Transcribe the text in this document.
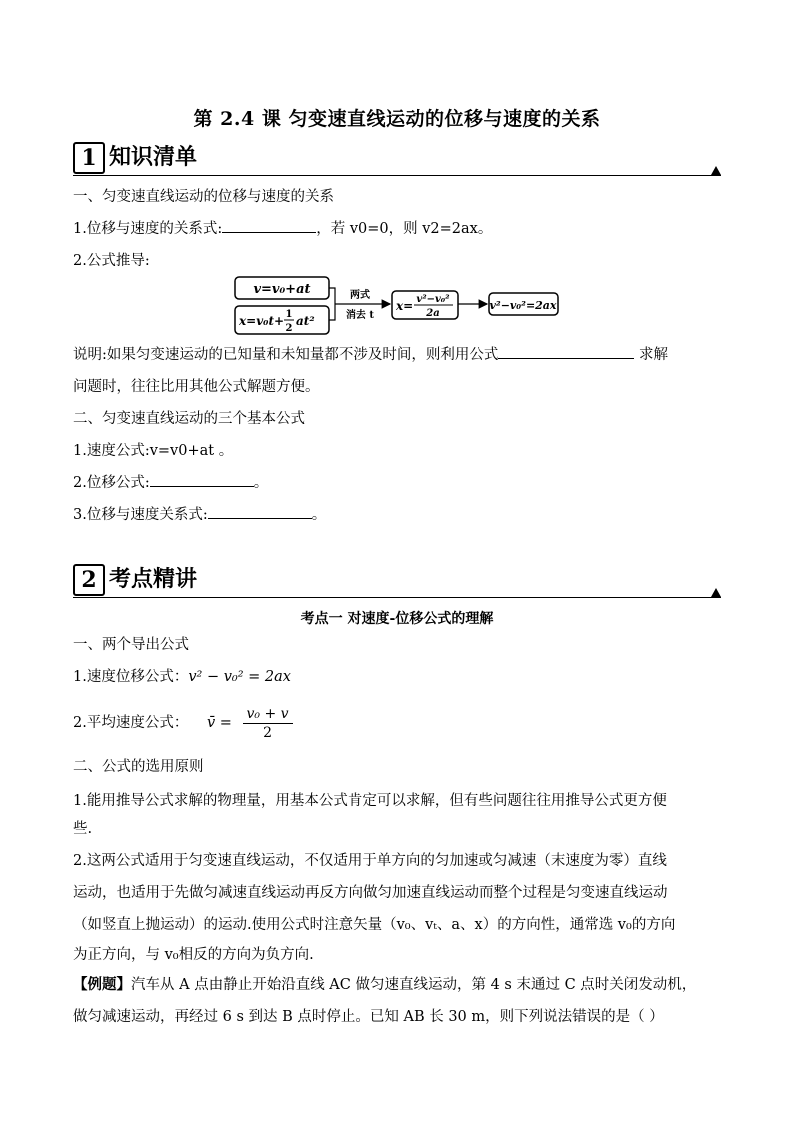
第 2.4 课 匀变速直线运动的位移与速度的关系
1 知识清单
一、匀变速直线运动的位移与速度的关系
1.位移与速度的关系式:	，若 v0=0，则 v2=2ax。
2.公式推导:
v=v₀+at
x=v₀t+ 1
2
at²
两式
消去 t
x= v²−v₀²
2a
v²−v₀²=2ax
说明:如果匀变速运动的已知量和未知量都不涉及时间，则利用公式	求解
问题时，往往比用其他公式解题方便。
二、匀变速直线运动的三个基本公式
1.速度公式:v=v0+at 。
2.位移公式:	。
3.位移与速度关系式:	。
2 考点精讲
考点一 对速度-位移公式的理解
一、两个导出公式
1.速度位移公式：v² − v₀² = 2ax
2.平均速度公式： v̄ = $\frac{\text{v₀ + v}}{2}$
二、公式的选用原则
1.能用推导公式求解的物理量，用基本公式肯定可以求解，但有些问题往往用推导公式更方便
些.
2.这两公式适用于匀变速直线运动，不仅适用于单方向的匀加速或匀减速（末速度为零）直线
运动，也适用于先做匀减速直线运动再反方向做匀加速直线运动而整个过程是匀变速直线运动
（如竖直上抛运动）的运动.使用公式时注意矢量（v₀、vₜ、a、x）的方向性，通常选 v₀的方向
为正方向，与 v₀相反的方向为负方向.
【例题】汽车从 A 点由静止开始沿直线 AC 做匀速直线运动，第 4 s 末通过 C 点时关闭发动机，
做匀减速运动，再经过 6 s 到达 B 点时停止。已知 AB 长 30 m，则下列说法错误的是（ ）
